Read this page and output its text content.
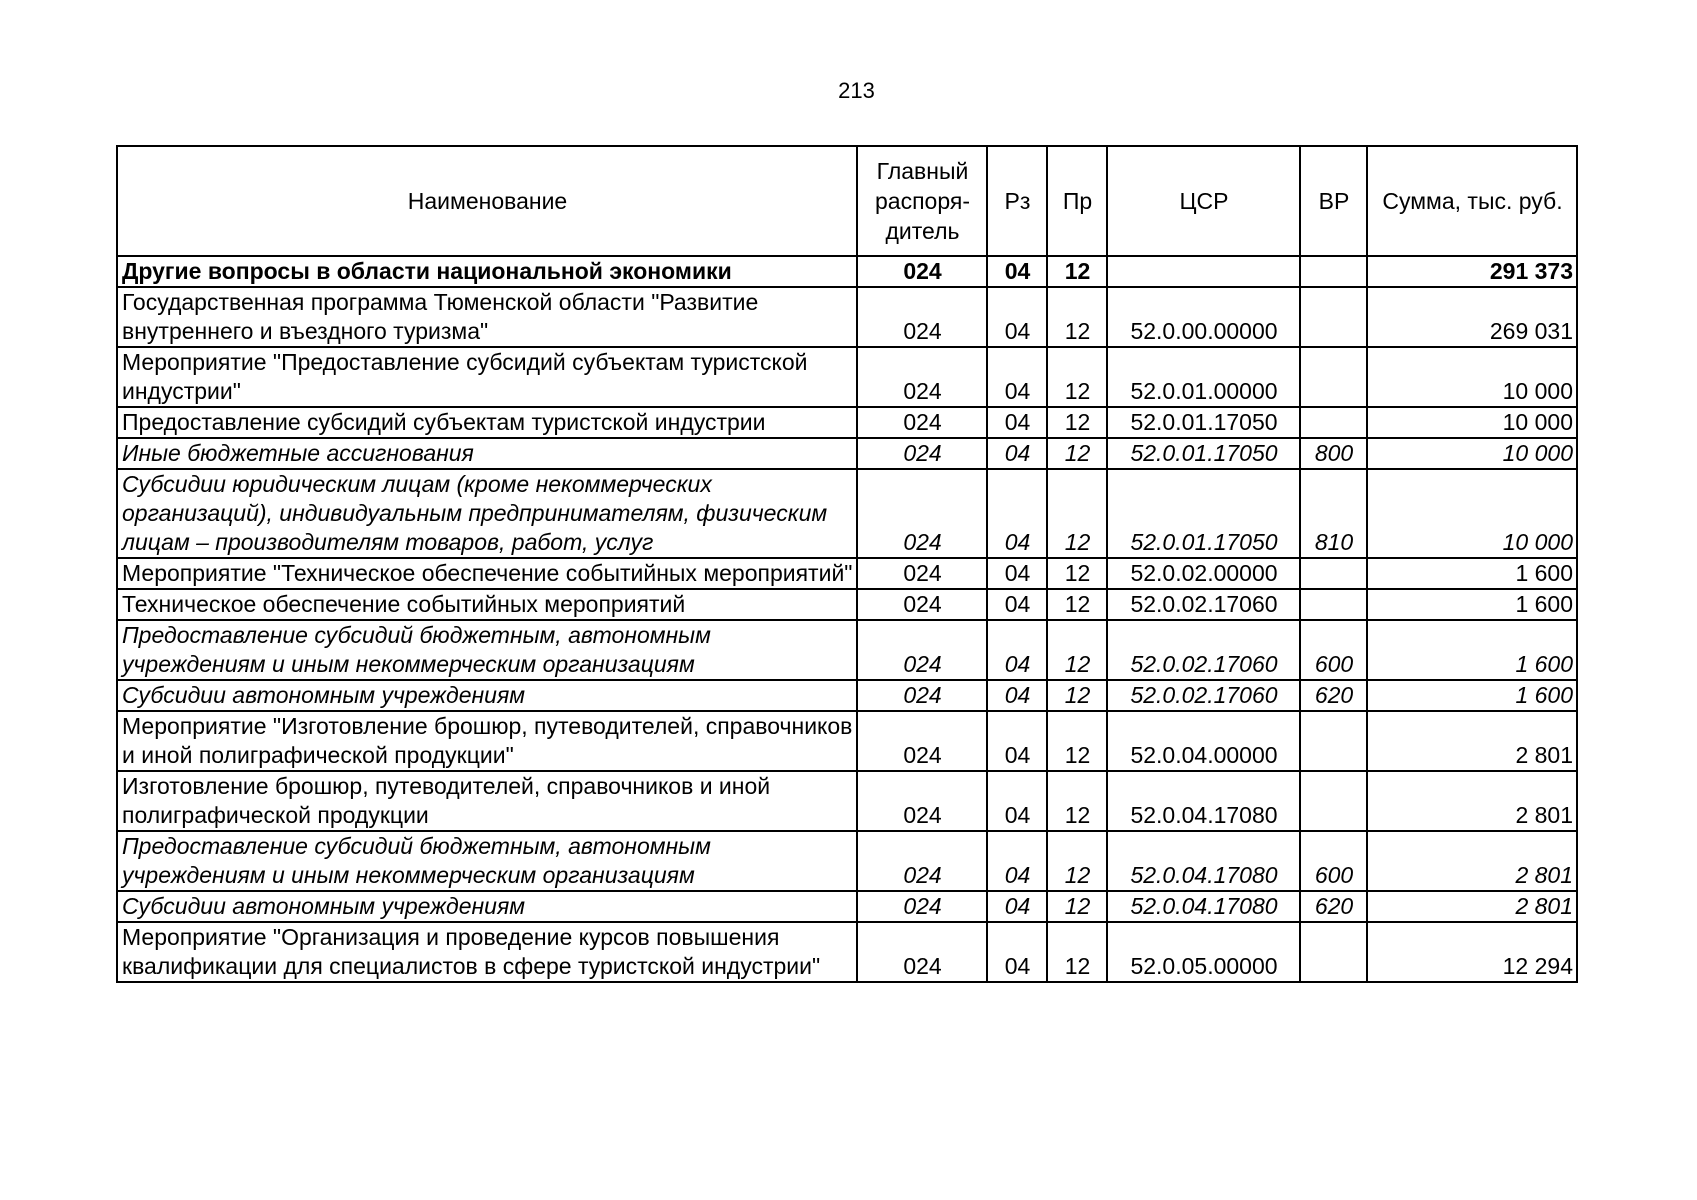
213
Наименование	Главный распоря-дитель	Рз	Пр	ЦСР	ВР	Сумма, тыс. руб.
Другие вопросы в области национальной экономики	024	04	12			291 373
Государственная программа Тюменской области "Развитие внутреннего и въездного туризма"	024	04	12	52.0.00.00000		269 031
Мероприятие "Предоставление субсидий субъектам туристской индустрии"	024	04	12	52.0.01.00000		10 000
Предоставление субсидий субъектам туристской индустрии	024	04	12	52.0.01.17050		10 000
Иные бюджетные ассигнования	024	04	12	52.0.01.17050	800	10 000
Субсидии юридическим лицам (кроме некоммерческих организаций), индивидуальным предпринимателям, физическим лицам – производителям товаров, работ, услуг	024	04	12	52.0.01.17050	810	10 000
Мероприятие "Техническое обеспечение событийных мероприятий"	024	04	12	52.0.02.00000		1 600
Техническое обеспечение событийных мероприятий	024	04	12	52.0.02.17060		1 600
Предоставление субсидий бюджетным, автономным учреждениям и иным некоммерческим организациям	024	04	12	52.0.02.17060	600	1 600
Субсидии автономным учреждениям	024	04	12	52.0.02.17060	620	1 600
Мероприятие "Изготовление брошюр, путеводителей, справочников и иной полиграфической продукции"	024	04	12	52.0.04.00000		2 801
Изготовление брошюр, путеводителей, справочников и иной полиграфической продукции	024	04	12	52.0.04.17080		2 801
Предоставление субсидий бюджетным, автономным учреждениям и иным некоммерческим организациям	024	04	12	52.0.04.17080	600	2 801
Субсидии автономным учреждениям	024	04	12	52.0.04.17080	620	2 801
Мероприятие "Организация и проведение курсов повышения квалификации для специалистов в сфере туристской индустрии"	024	04	12	52.0.05.00000		12 294
